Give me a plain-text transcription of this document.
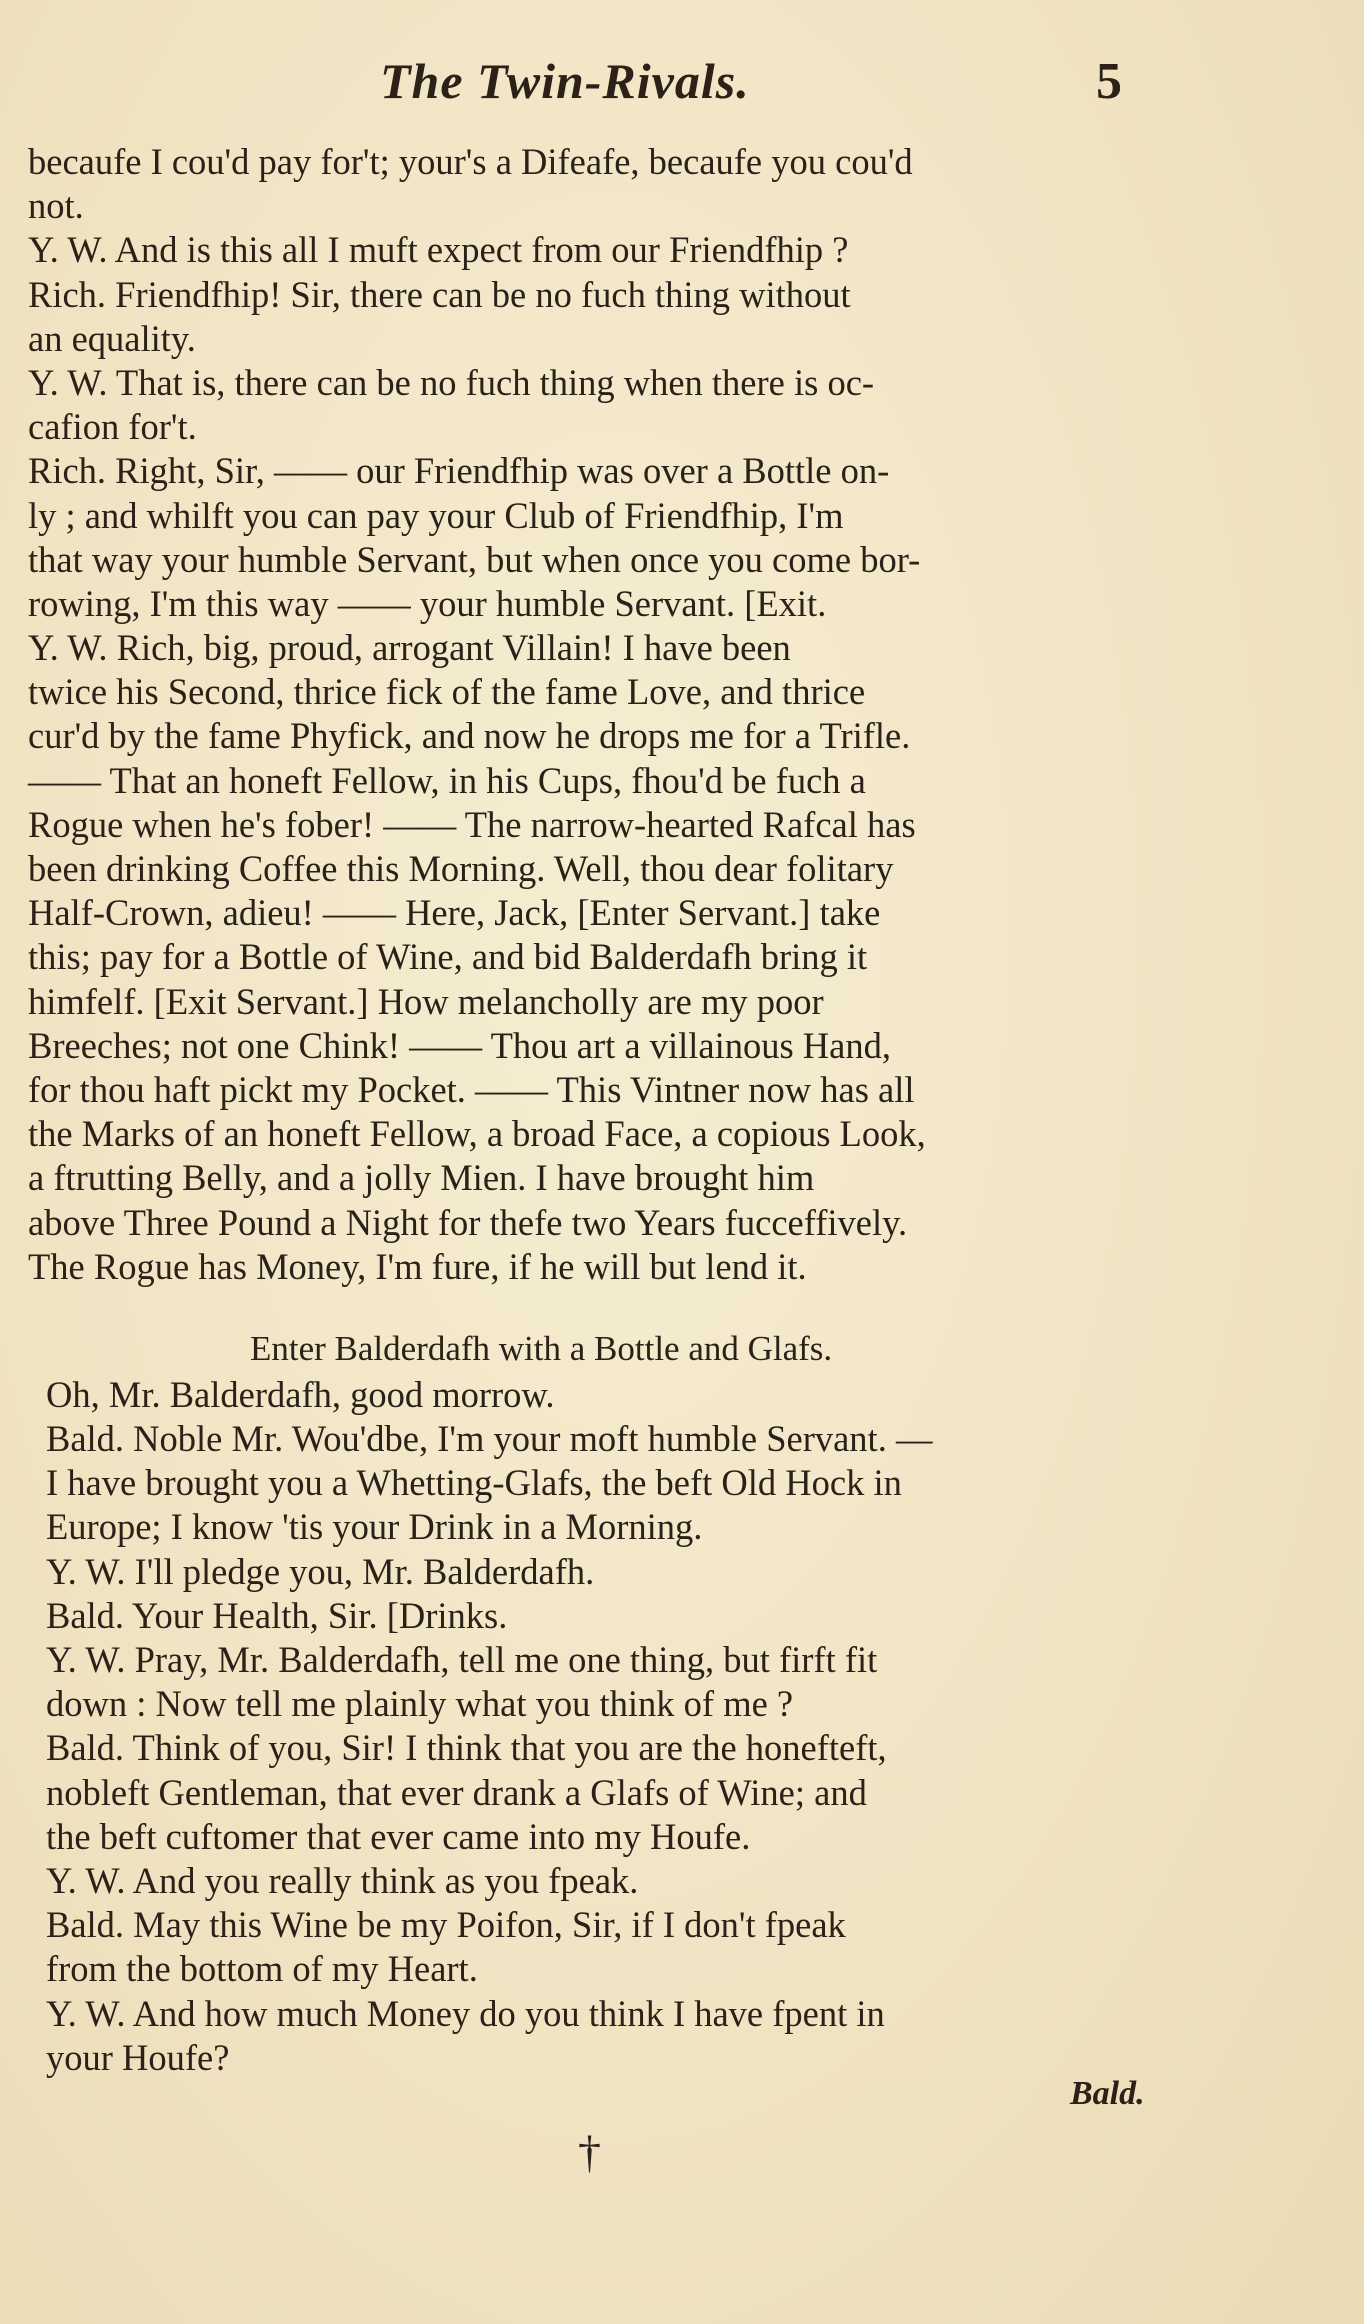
The Twin-Rivals.	5
becaufe I cou'd pay for't; your's a Difeafe, becaufe you cou'd
not.
Y. W. And is this all I muft expect from our Friendfhip ?
Rich. Friendfhip! Sir, there can be no fuch thing without
an equality.
Y. W. That is, there can be no fuch thing when there is oc-
cafion for't.
Rich. Right, Sir, —— our Friendfhip was over a Bottle on-
ly ; and whilft you can pay your Club of Friendfhip, I'm
that way your humble Servant, but when once you come bor-
rowing, I'm this way —— your humble Servant. [Exit.
Y. W. Rich, big, proud, arrogant Villain! I have been
twice his Second, thrice fick of the fame Love, and thrice
cur'd by the fame Phyfick, and now he drops me for a Trifle.
—— That an honeft Fellow, in his Cups, fhou'd be fuch a
Rogue when he's fober! —— The narrow-hearted Rafcal has
been drinking Coffee this Morning. Well, thou dear folitary
Half-Crown, adieu! —— Here, Jack, [Enter Servant.] take
this; pay for a Bottle of Wine, and bid Balderdafh bring it
himfelf. [Exit Servant.] How melancholly are my poor
Breeches; not one Chink! —— Thou art a villainous Hand,
for thou haft pickt my Pocket. —— This Vintner now has all
the Marks of an honeft Fellow, a broad Face, a copious Look,
a ftrutting Belly, and a jolly Mien. I have brought him
above Three Pound a Night for thefe two Years fucceffively.
The Rogue has Money, I'm fure, if he will but lend it.
Enter Balderdafh with a Bottle and Glafs.
Oh, Mr. Balderdafh, good morrow.
Bald. Noble Mr. Wou'dbe, I'm your moft humble Servant. —
I have brought you a Whetting-Glafs, the beft Old Hock in
Europe; I know 'tis your Drink in a Morning.
Y. W. I'll pledge you, Mr. Balderdafh.
Bald. Your Health, Sir. [Drinks.
Y. W. Pray, Mr. Balderdafh, tell me one thing, but firft fit
down : Now tell me plainly what you think of me ?
Bald. Think of you, Sir! I think that you are the honefteft,
nobleft Gentleman, that ever drank a Glafs of Wine; and
the beft cuftomer that ever came into my Houfe.
Y. W. And you really think as you fpeak.
Bald. May this Wine be my Poifon, Sir, if I don't fpeak
from the bottom of my Heart.
Y. W. And how much Money do you think I have fpent in
your Houfe?
Bald.
†
